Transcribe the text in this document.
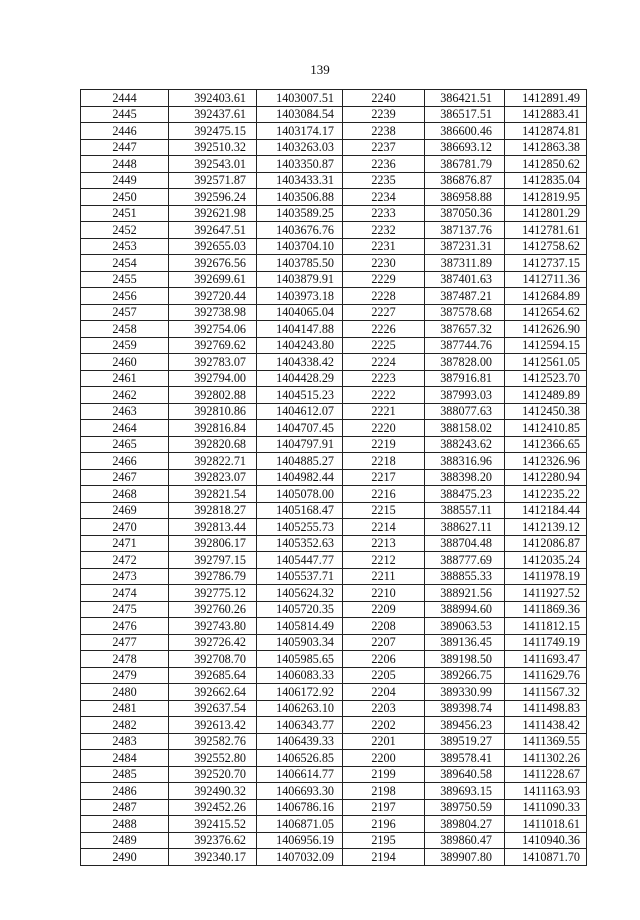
139
2444	392403.61	1403007.51	2240	386421.51	1412891.49
2445	392437.61	1403084.54	2239	386517.51	1412883.41
2446	392475.15	1403174.17	2238	386600.46	1412874.81
2447	392510.32	1403263.03	2237	386693.12	1412863.38
2448	392543.01	1403350.87	2236	386781.79	1412850.62
2449	392571.87	1403433.31	2235	386876.87	1412835.04
2450	392596.24	1403506.88	2234	386958.88	1412819.95
2451	392621.98	1403589.25	2233	387050.36	1412801.29
2452	392647.51	1403676.76	2232	387137.76	1412781.61
2453	392655.03	1403704.10	2231	387231.31	1412758.62
2454	392676.56	1403785.50	2230	387311.89	1412737.15
2455	392699.61	1403879.91	2229	387401.63	1412711.36
2456	392720.44	1403973.18	2228	387487.21	1412684.89
2457	392738.98	1404065.04	2227	387578.68	1412654.62
2458	392754.06	1404147.88	2226	387657.32	1412626.90
2459	392769.62	1404243.80	2225	387744.76	1412594.15
2460	392783.07	1404338.42	2224	387828.00	1412561.05
2461	392794.00	1404428.29	2223	387916.81	1412523.70
2462	392802.88	1404515.23	2222	387993.03	1412489.89
2463	392810.86	1404612.07	2221	388077.63	1412450.38
2464	392816.84	1404707.45	2220	388158.02	1412410.85
2465	392820.68	1404797.91	2219	388243.62	1412366.65
2466	392822.71	1404885.27	2218	388316.96	1412326.96
2467	392823.07	1404982.44	2217	388398.20	1412280.94
2468	392821.54	1405078.00	2216	388475.23	1412235.22
2469	392818.27	1405168.47	2215	388557.11	1412184.44
2470	392813.44	1405255.73	2214	388627.11	1412139.12
2471	392806.17	1405352.63	2213	388704.48	1412086.87
2472	392797.15	1405447.77	2212	388777.69	1412035.24
2473	392786.79	1405537.71	2211	388855.33	1411978.19
2474	392775.12	1405624.32	2210	388921.56	1411927.52
2475	392760.26	1405720.35	2209	388994.60	1411869.36
2476	392743.80	1405814.49	2208	389063.53	1411812.15
2477	392726.42	1405903.34	2207	389136.45	1411749.19
2478	392708.70	1405985.65	2206	389198.50	1411693.47
2479	392685.64	1406083.33	2205	389266.75	1411629.76
2480	392662.64	1406172.92	2204	389330.99	1411567.32
2481	392637.54	1406263.10	2203	389398.74	1411498.83
2482	392613.42	1406343.77	2202	389456.23	1411438.42
2483	392582.76	1406439.33	2201	389519.27	1411369.55
2484	392552.80	1406526.85	2200	389578.41	1411302.26
2485	392520.70	1406614.77	2199	389640.58	1411228.67
2486	392490.32	1406693.30	2198	389693.15	1411163.93
2487	392452.26	1406786.16	2197	389750.59	1411090.33
2488	392415.52	1406871.05	2196	389804.27	1411018.61
2489	392376.62	1406956.19	2195	389860.47	1410940.36
2490	392340.17	1407032.09	2194	389907.80	1410871.70
